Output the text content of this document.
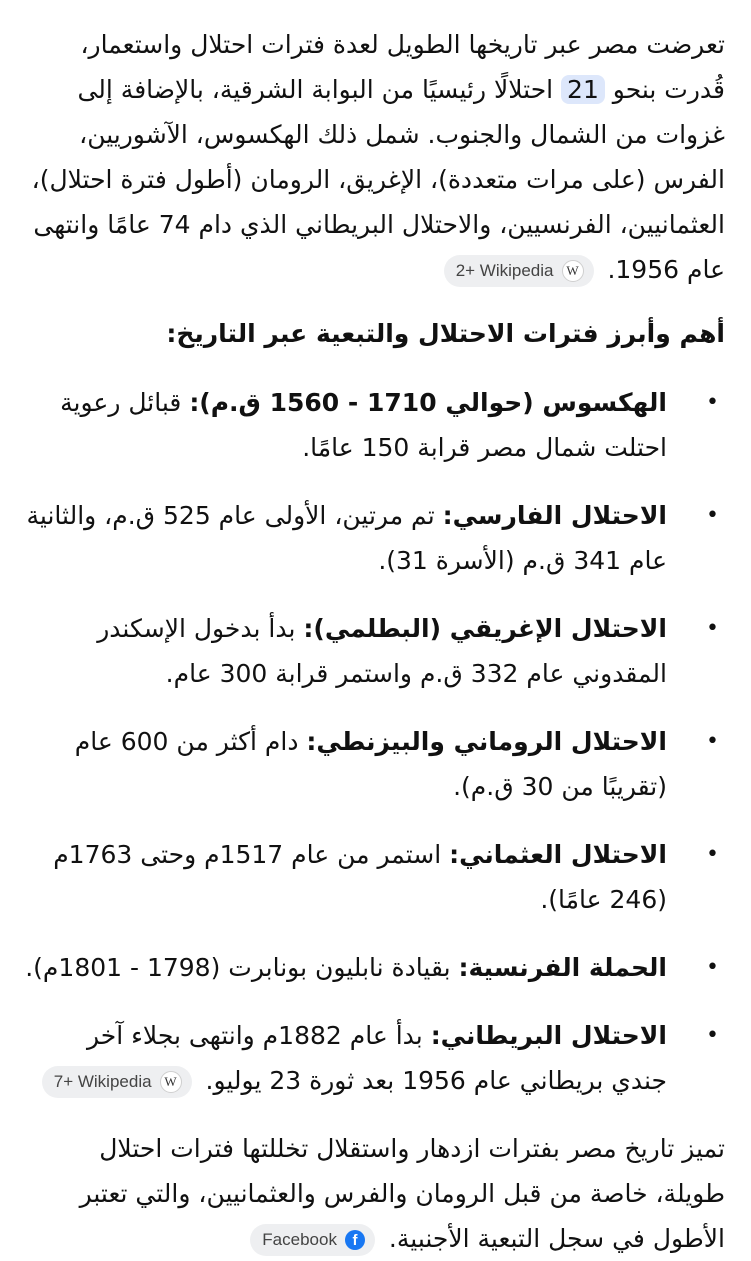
تعرضت مصر عبر تاريخها الطويل لعدة فترات احتلال واستعمار، قُدرت بنحو 21 احتلالًا رئيسيًا من البوابة الشرقية، بالإضافة إلى غزوات من الشمال والجنوب. شمل ذلك الهكسوس، الآشوريين، الفرس (على مرات متعددة)، الإغريق، الرومان (أطول فترة احتلال)، العثمانيين، الفرنسيين، والاحتلال البريطاني الذي دام 74 عامًا وانتهى عام 1956.
2+ Wikipedia W

أهم وأبرز فترات الاحتلال والتبعية عبر التاريخ:
•
الهكسوس (حوالي 1710 - 1560 ق.م): قبائل رعوية احتلت شمال مصر قرابة 150 عامًا.
•
الاحتلال الفارسي: تم مرتين، الأولى عام 525 ق.م، والثانية عام 341 ق.م (الأسرة 31).
•
الاحتلال الإغريقي (البطلمي): بدأ بدخول الإسكندر المقدوني عام 332 ق.م واستمر قرابة 300 عام.
•
الاحتلال الروماني والبيزنطي: دام أكثر من 600 عام (تقريبًا من 30 ق.م).
•
الاحتلال العثماني: استمر من عام 1517م وحتى 1763م (246 عامًا).
•
الحملة الفرنسية: بقيادة نابليون بونابرت (1798 - 1801م).
•
الاحتلال البريطاني: بدأ عام 1882م وانتهى بجلاء آخر جندي بريطاني عام 1956 بعد ثورة 23 يوليو.
7+ Wikipedia W

تميز تاريخ مصر بفترات ازدهار واستقلال تخللتها فترات احتلال طويلة، خاصة من قبل الرومان والفرس والعثمانيين، والتي تعتبر الأطول في سجل التبعية الأجنبية.
Facebook	f
